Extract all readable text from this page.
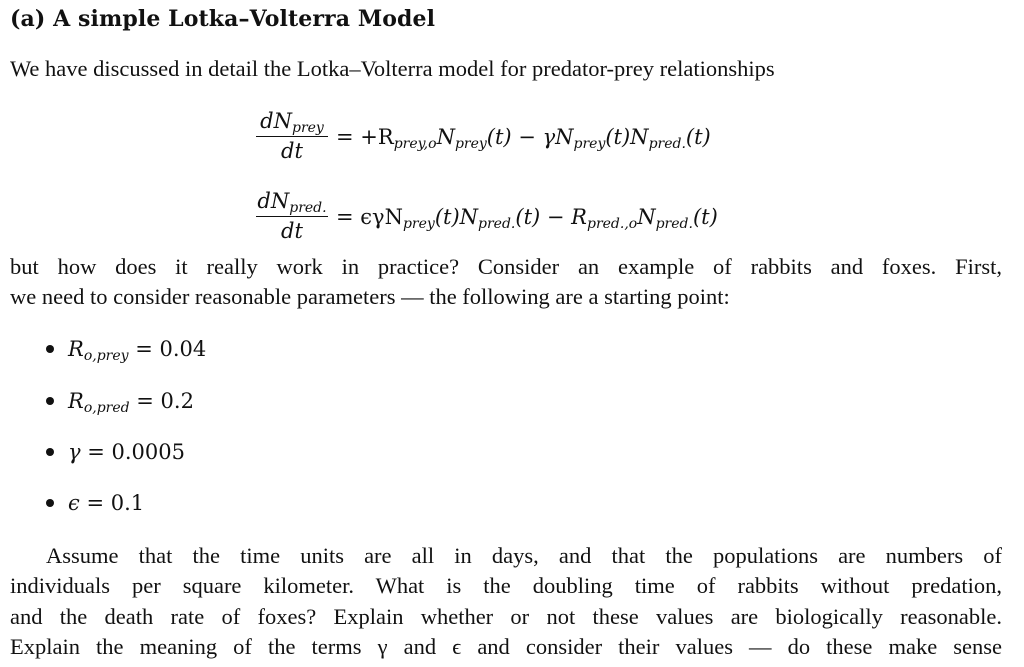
(a) A simple Lotka–Volterra Model
We have discussed in detail the Lotka–Volterra model for predator-prey relationships
$dN_{prey}$
dt
= $+R_{prey,o}N_{prey}(t) - \gamma N_{prey}(t)N_{pred.}(t)$
$dN_{pred.}$
dt
= $\epsilon\gamma N_{prey}(t)N_{pred.}(t) - R_{pred.,o}N_{pred.}(t)$
but how does it really work in practice? Consider an example of rabbits and foxes. First,
we need to consider reasonable parameters — the following are a starting point:
$R_{o,prey} = 0.04$
$R_{o,pred} = 0.2$
γ = 0.0005
ϵ = 0.1
Assume that the time units are all in days, and that the populations are numbers of
individuals per square kilometer. What is the doubling time of rabbits without predation,
and the death rate of foxes? Explain whether or not these values are biologically reasonable.
Explain the meaning of the terms γ and ϵ and consider their values — do these make sense
